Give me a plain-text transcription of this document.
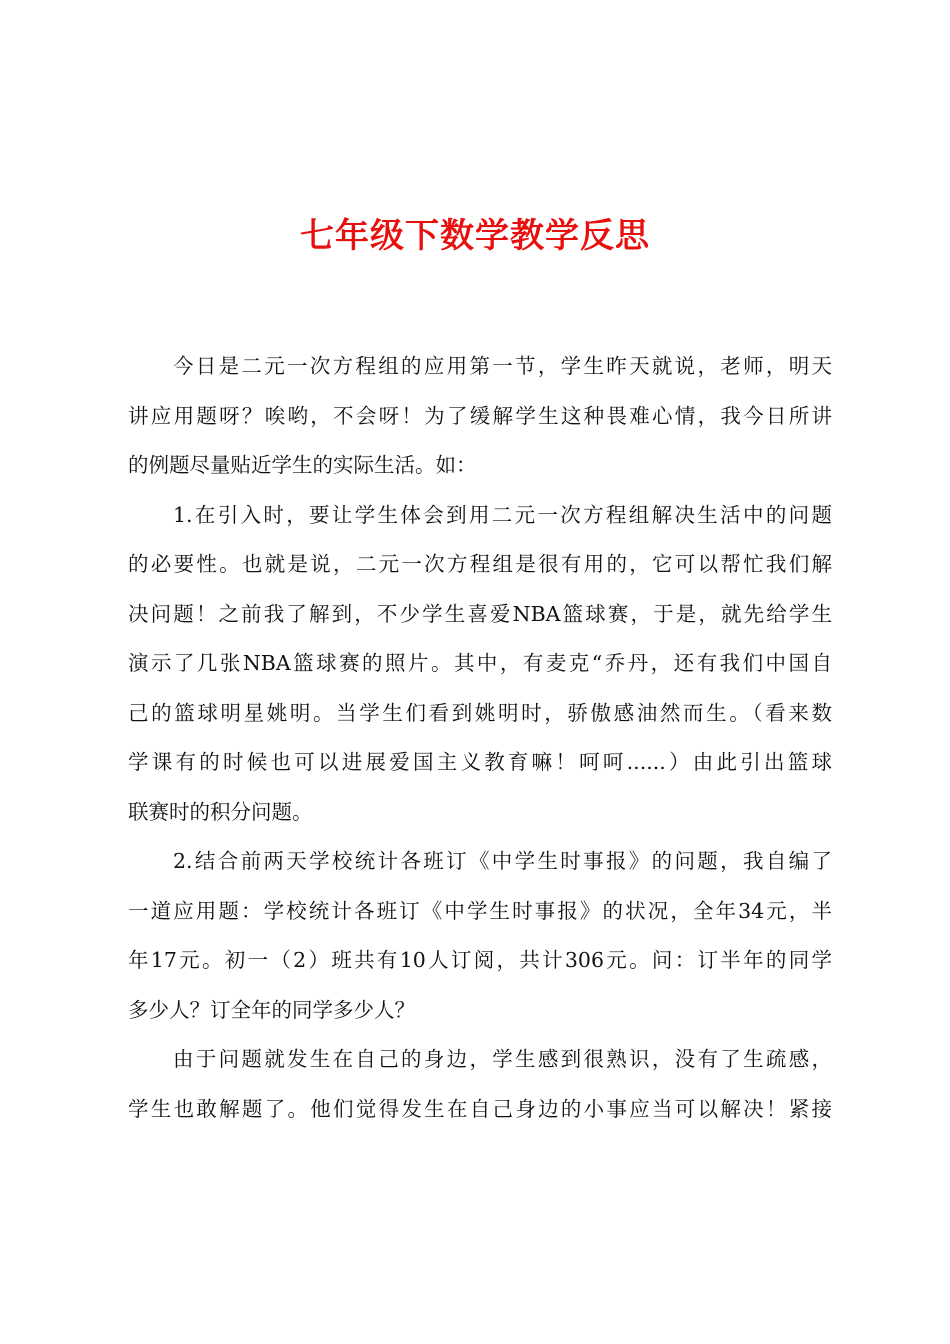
七年级下数学教学反思
今日是二元一次方程组的应用第一节，学生昨天就说，老师，明天
讲应用题呀？唉哟，不会呀！为了缓解学生这种畏难心情，我今日所讲
的例题尽量贴近学生的实际生活。如：
1.在引入时，要让学生体会到用二元一次方程组解决生活中的问题
的必要性。也就是说，二元一次方程组是很有用的，它可以帮忙我们解
决问题！之前我了解到，不少学生喜爱NBA篮球赛，于是，就先给学生
演示了几张NBA篮球赛的照片。其中，有麦克“乔丹，还有我们中国自
己的篮球明星姚明。当学生们看到姚明时，骄傲感油然而生。（看来数
学课有的时候也可以进展爱国主义教育嘛！呵呵......）由此引出篮球
联赛时的积分问题。
2.结合前两天学校统计各班订《中学生时事报》的问题，我自编了
一道应用题：学校统计各班订《中学生时事报》的状况，全年34元，半
年17元。初一（2）班共有10人订阅，共计306元。问：订半年的同学
多少人？订全年的同学多少人？
由于问题就发生在自己的身边，学生感到很熟识，没有了生疏感，
学生也敢解题了。他们觉得发生在自己身边的小事应当可以解决！紧接
